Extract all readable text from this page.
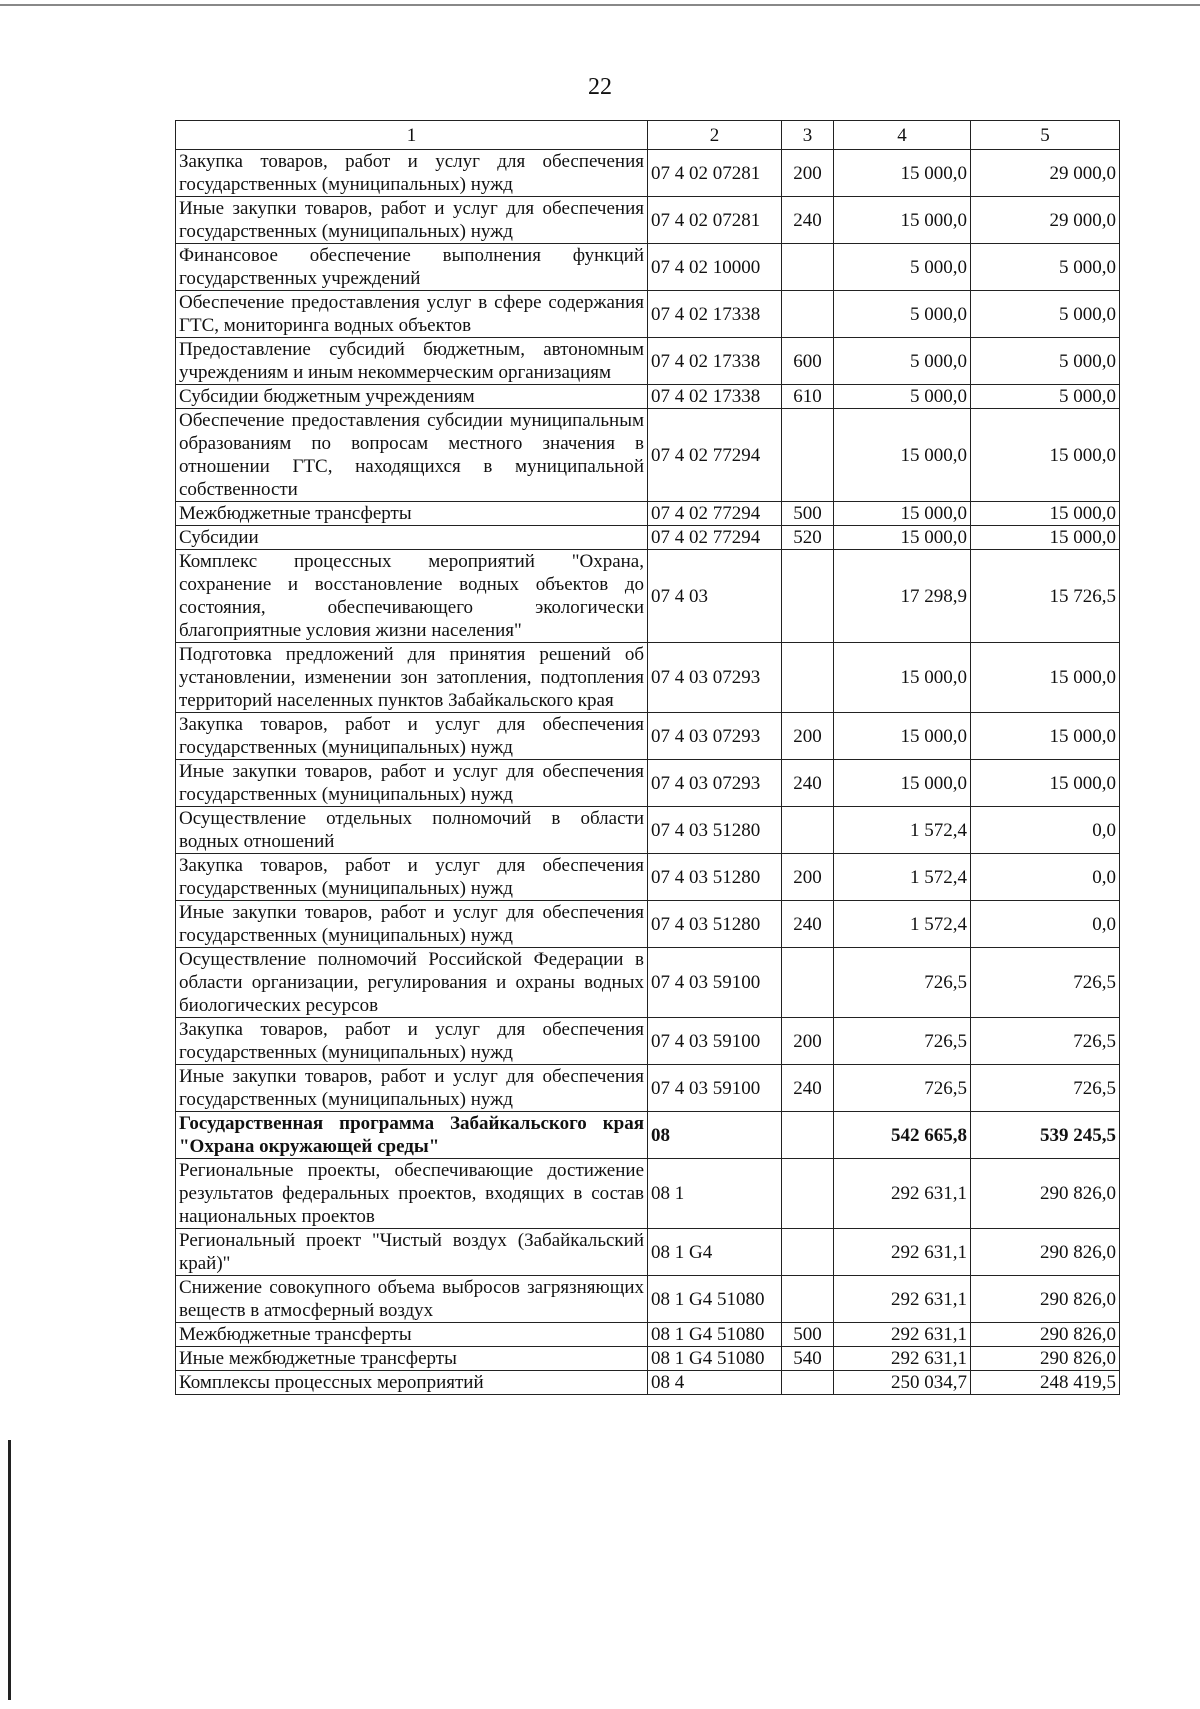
22
1	2	3	4	5
Закупка товаров, работ и услуг для обеспечения государственных (муниципальных) нужд	07 4 02 07281	200	15 000,0	29 000,0
Иные закупки товаров, работ и услуг для обеспечения государственных (муниципальных) нужд	07 4 02 07281	240	15 000,0	29 000,0
Финансовое обеспечение выполнения функций государственных учреждений	07 4 02 10000		5 000,0	5 000,0
Обеспечение предоставления услуг в сфере содержания ГТС, мониторинга водных объектов	07 4 02 17338		5 000,0	5 000,0
Предоставление субсидий бюджетным, автономным учреждениям и иным некоммерческим организациям	07 4 02 17338	600	5 000,0	5 000,0
Субсидии бюджетным учреждениям	07 4 02 17338	610	5 000,0	5 000,0
Обеспечение предоставления субсидии муниципальным образованиям по вопросам местного значения в отношении ГТС, находящихся в муниципальной собственности	07 4 02 77294		15 000,0	15 000,0
Межбюджетные трансферты	07 4 02 77294	500	15 000,0	15 000,0
Субсидии	07 4 02 77294	520	15 000,0	15 000,0
Комплекс процессных мероприятий "Охрана, сохранение и восстановление водных объектов до состояния, обеспечивающего экологически благоприятные условия жизни населения"	07 4 03		17 298,9	15 726,5
Подготовка предложений для принятия решений об установлении, изменении зон затопления, подтопления территорий населенных пунктов Забайкальского края	07 4 03 07293		15 000,0	15 000,0
Закупка товаров, работ и услуг для обеспечения государственных (муниципальных) нужд	07 4 03 07293	200	15 000,0	15 000,0
Иные закупки товаров, работ и услуг для обеспечения государственных (муниципальных) нужд	07 4 03 07293	240	15 000,0	15 000,0
Осуществление отдельных полномочий в области водных отношений	07 4 03 51280		1 572,4	0,0
Закупка товаров, работ и услуг для обеспечения государственных (муниципальных) нужд	07 4 03 51280	200	1 572,4	0,0
Иные закупки товаров, работ и услуг для обеспечения государственных (муниципальных) нужд	07 4 03 51280	240	1 572,4	0,0
Осуществление полномочий Российской Федерации в области организации, регулирования и охраны водных биологических ресурсов	07 4 03 59100		726,5	726,5
Закупка товаров, работ и услуг для обеспечения государственных (муниципальных) нужд	07 4 03 59100	200	726,5	726,5
Иные закупки товаров, работ и услуг для обеспечения государственных (муниципальных) нужд	07 4 03 59100	240	726,5	726,5
Государственная программа Забайкальского края "Охрана окружающей среды"	08		542 665,8	539 245,5
Региональные проекты, обеспечивающие достижение результатов федеральных проектов, входящих в состав национальных проектов	08 1		292 631,1	290 826,0
Региональный проект "Чистый воздух (Забайкальский край)"	08 1 G4		292 631,1	290 826,0
Снижение совокупного объема выбросов загрязняющих веществ в атмосферный воздух	08 1 G4 51080		292 631,1	290 826,0
Межбюджетные трансферты	08 1 G4 51080	500	292 631,1	290 826,0
Иные межбюджетные трансферты	08 1 G4 51080	540	292 631,1	290 826,0
Комплексы процессных мероприятий	08 4		250 034,7	248 419,5
